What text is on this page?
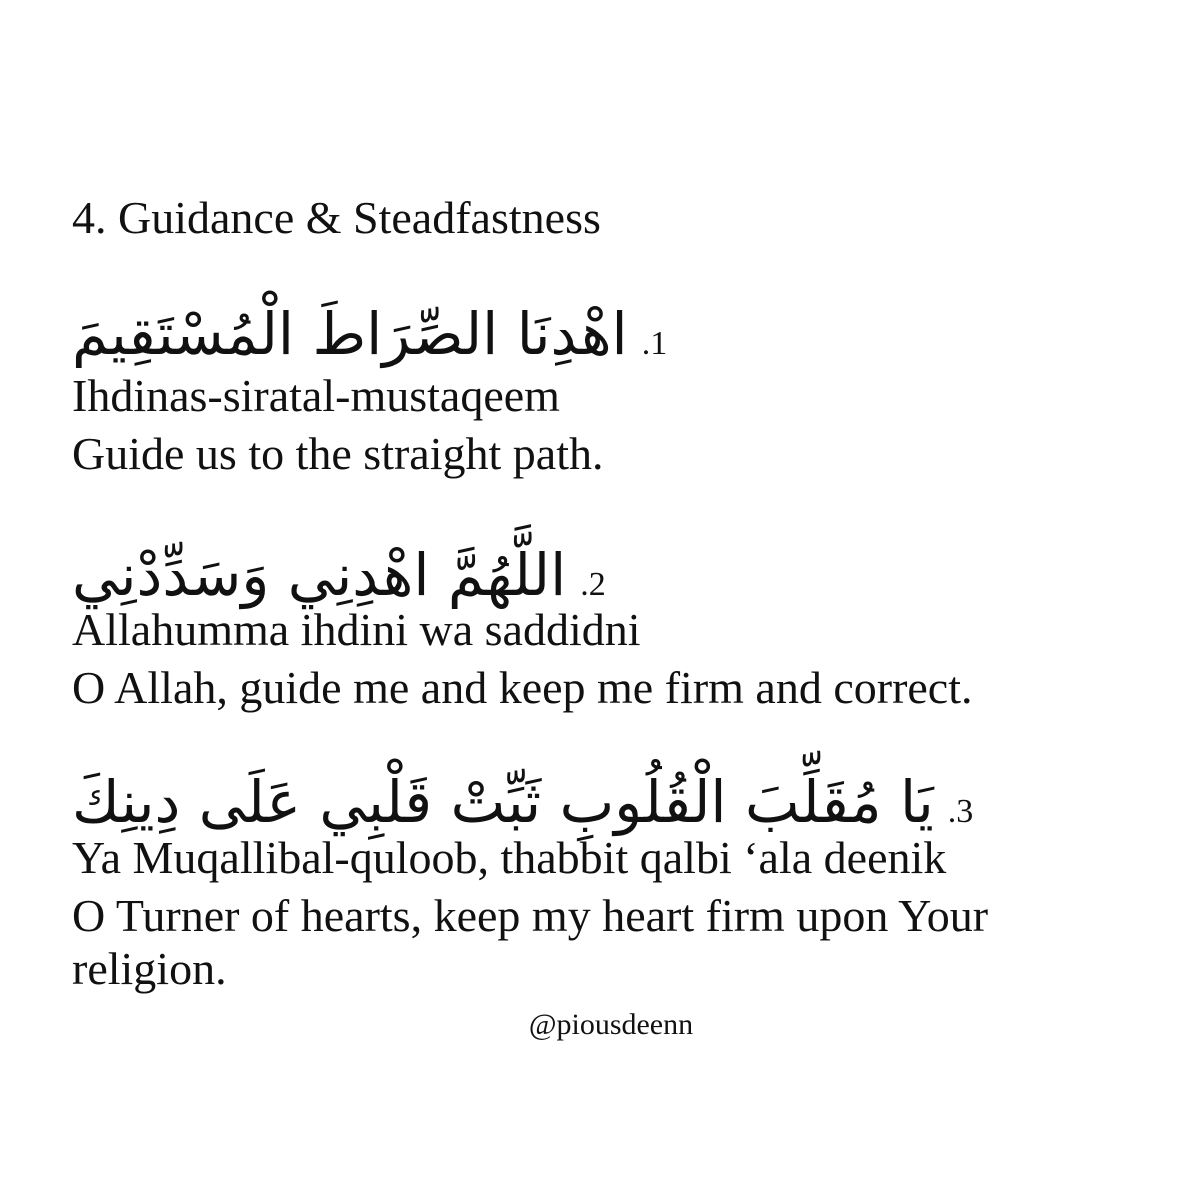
4. Guidance & Steadfastness
1.اهْدِنَا الصِّرَاطَ الْمُسْتَقِيمَ
Ihdinas-siratal-mustaqeem
Guide us to the straight path.
2.اللَّهُمَّ اهْدِنِي وَسَدِّدْنِي
Allahumma ihdini wa saddidni
O Allah, guide me and keep me firm and correct.
3.يَا مُقَلِّبَ الْقُلُوبِ ثَبِّتْ قَلْبِي عَلَى دِينِكَ
Ya Muqallibal-quloob, thabbit qalbi ‘ala deenik
O Turner of hearts, keep my heart firm upon Your
religion.
@piousdeenn
